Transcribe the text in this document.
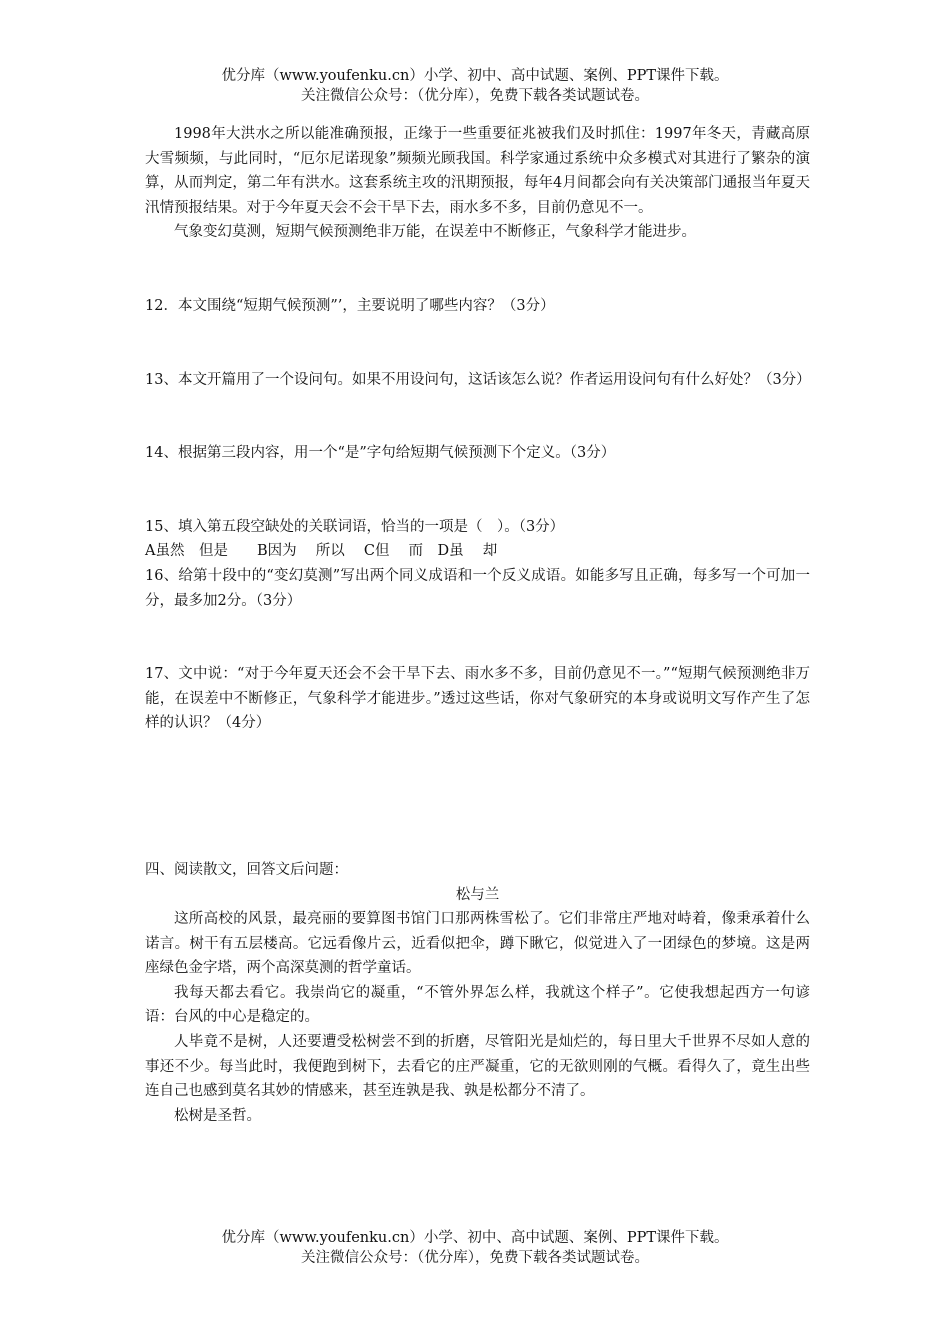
优分库（www.youfenku.cn）小学、初中、高中试题、案例、PPT课件下载。
关注微信公众号：（优分库），免费下载各类试题试卷。

1998年大洪水之所以能准确预报，正缘于一些重要征兆被我们及时抓住：1997年冬天，青藏高原大雪频频，与此同时，“厄尔尼诺现象”频频光顾我国。科学家通过系统中众多模式对其进行了繁杂的演算，从而判定，第二年有洪水。这套系统主攻的汛期预报，每年4月间都会向有关决策部门通报当年夏天汛情预报结果。对于今年夏天会不会干旱下去，雨水多不多，目前仍意见不一。

气象变幻莫测，短期气候预测绝非万能，在误差中不断修正，气象科学才能进步。

12．本文围绕“短期气候预测”’，主要说明了哪些内容？（3分）

13、本文开篇用了一个设问句。如果不用设问句，这话该怎么说？作者运用设问句有什么好处？（3分）

14、根据第三段内容，用一个“是”字句给短期气候预测下个定义。（3分）

15、填入第五段空缺处的关联词语，恰当的一项是（　）。（3分）

A虽然　但是　　B因为　 所以　 C但　 而　D虽　 却

16、给第十段中的“变幻莫测”写出两个同义成语和一个反义成语。如能多写且正确，每多写一个可加一分，最多加2分。（3分）

17、文中说：“对于今年夏天还会不会干旱下去、雨水多不多，目前仍意见不一。”“短期气候预测绝非万能，在误差中不断修正，气象科学才能进步。”透过这些话，你对气象研究的本身或说明文写作产生了怎样的认识？（4分）

四、阅读散文，回答文后问题：

松与兰

这所高校的风景，最亮丽的要算图书馆门口那两株雪松了。它们非常庄严地对峙着，像秉承着什么诺言。树干有五层楼高。它远看像片云，近看似把伞，蹲下瞅它，似觉进入了一团绿色的梦境。这是两座绿色金字塔，两个高深莫测的哲学童话。

我每天都去看它。我崇尚它的凝重，“不管外界怎么样，我就这个样子”。它使我想起西方一句谚语：台风的中心是稳定的。

人毕竟不是树，人还要遭受松树尝不到的折磨，尽管阳光是灿烂的，每日里大千世界不尽如人意的事还不少。每当此时，我便跑到树下，去看它的庄严凝重，它的无欲则刚的气概。看得久了，竟生出些连自己也感到莫名其妙的情感来，甚至连孰是我、孰是松都分不清了。

松树是圣哲。

优分库（www.youfenku.cn）小学、初中、高中试题、案例、PPT课件下载。
关注微信公众号：（优分库），免费下载各类试题试卷。
